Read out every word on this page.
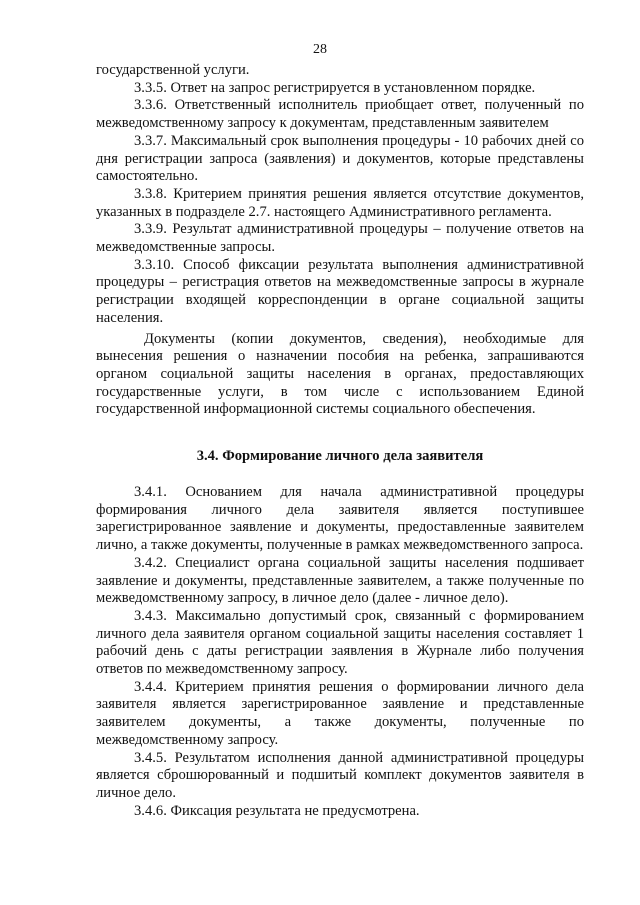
28

государственной услуги.

3.3.5. Ответ на запрос регистрируется в установленном порядке.

3.3.6. Ответственный исполнитель приобщает ответ, полученный по межведомственному запросу к документам, представленным заявителем

3.3.7. Максимальный срок выполнения процедуры - 10 рабочих дней со дня регистрации запроса (заявления) и документов, которые представлены самостоятельно.

3.3.8. Критерием принятия решения является отсутствие документов, указанных в подразделе 2.7. настоящего Административного регламента.

3.3.9. Результат административной процедуры – получение ответов на межведомственные запросы.

3.3.10. Способ фиксации результата выполнения административной процедуры – регистрация ответов на межведомственные запросы в журнале регистрации входящей корреспонденции в органе социальной защиты населения.

Документы (копии документов, сведения), необходимые для вынесения решения о назначении пособия на ребенка, запрашиваются органом социальной защиты населения в органах, предоставляющих государственные услуги, в том числе с использованием Единой государственной информационной системы социального обеспечения.

3.4. Формирование личного дела заявителя

3.4.1. Основанием для начала административной процедуры формирования личного дела заявителя является поступившее зарегистрированное заявление и документы, предоставленные заявителем лично, а также документы, полученные в рамках межведомственного запроса.

3.4.2. Специалист органа социальной защиты населения подшивает заявление и документы, представленные заявителем, а также полученные по межведомственному запросу, в личное дело (далее - личное дело).

3.4.3. Максимально допустимый срок, связанный с формированием личного дела заявителя органом социальной защиты населения составляет 1 рабочий день с даты регистрации заявления в Журнале либо получения ответов по межведомственному запросу.

3.4.4. Критерием принятия решения о формировании личного дела заявителя является зарегистрированное заявление и представленные заявителем документы, а также документы, полученные по межведомственному запросу.

3.4.5. Результатом исполнения данной административной процедуры является сброшюрованный и подшитый комплект документов заявителя в личное дело.

3.4.6. Фиксация результата не предусмотрена.
